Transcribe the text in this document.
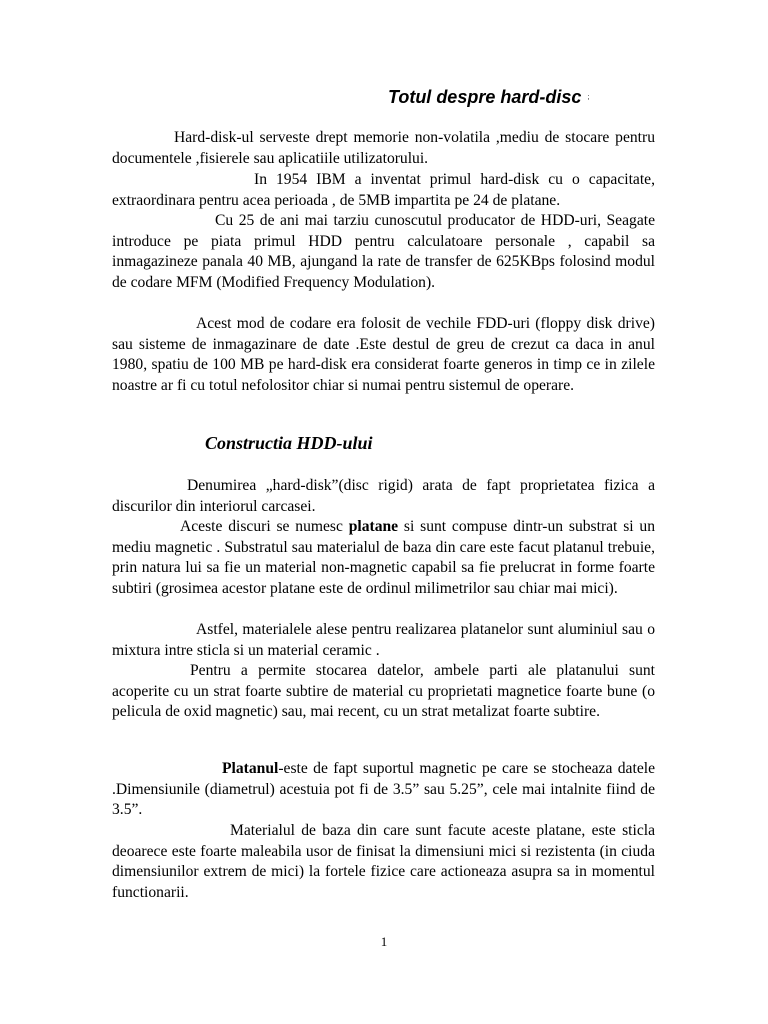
Totul despre hard-disc ;

Hard-disk-ul serveste drept memorie non-volatila ,mediu de stocare pentru documentele ,fisierele sau aplicatiile utilizatorului.

In 1954 IBM a inventat primul hard-disk cu o capacitate, extraordinara pentru acea perioada , de 5MB impartita pe 24 de platane.

Cu 25 de ani mai tarziu cunoscutul producator de HDD-uri, Seagate introduce pe piata primul HDD pentru calculatoare personale , capabil sa inmagazineze panala 40 MB, ajungand la rate de transfer de 625KBps folosind modul de codare MFM (Modified Frequency Modulation).

Acest mod de codare era folosit de vechile FDD-uri (floppy disk drive) sau sisteme de inmagazinare de date .Este destul de greu de crezut ca daca in anul 1980, spatiu de 100 MB pe hard-disk era considerat foarte generos in timp ce in zilele noastre ar fi cu totul nefolositor chiar si numai pentru sistemul de operare.

Constructia HDD-ului

Denumirea „hard-disk”(disc rigid) arata de fapt proprietatea fizica a discurilor din interiorul carcasei.

Aceste discuri se numesc platane si sunt compuse dintr-un substrat si un mediu magnetic . Substratul sau materialul de baza din care este facut platanul trebuie, prin natura lui sa fie un material non-magnetic capabil sa fie prelucrat in forme foarte subtiri (grosimea acestor platane este de ordinul milimetrilor sau chiar mai mici).

Astfel, materialele alese pentru realizarea platanelor sunt aluminiul sau o mixtura intre sticla si un material ceramic .

Pentru a permite stocarea datelor, ambele parti ale platanului sunt acoperite cu un strat foarte subtire de material cu proprietati magnetice foarte bune (o pelicula de oxid magnetic) sau, mai recent, cu un strat metalizat foarte subtire.

Platanul-este de fapt suportul magnetic pe care se stocheaza datele .Dimensiunile (diametrul) acestuia pot fi de 3.5” sau 5.25”, cele mai intalnite fiind de 3.5”.

Materialul de baza din care sunt facute aceste platane, este sticla deoarece este foarte maleabila usor de finisat la dimensiuni mici si rezistenta (in ciuda dimensiunilor extrem de mici) la fortele fizice care actioneaza asupra sa in momentul functionarii.

1
